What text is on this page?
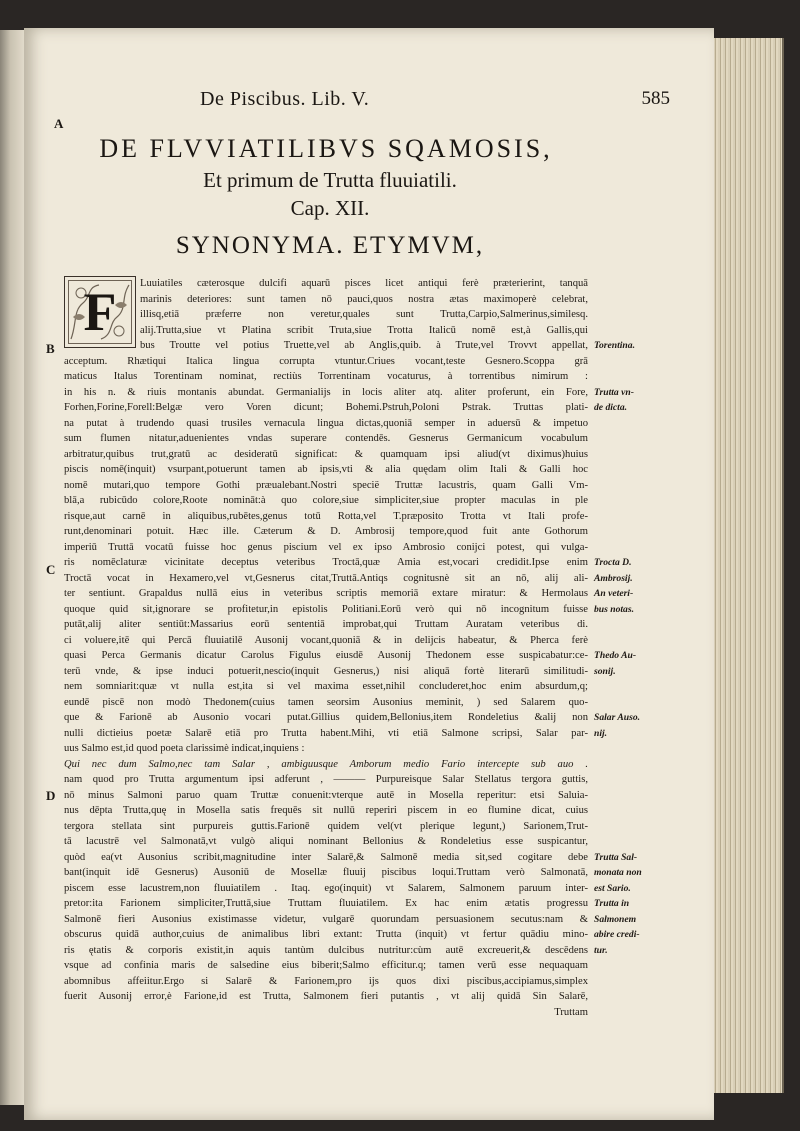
De Piscibus. Lib. V.	585
A
B
C
D
DE FLVVIATILIBVS SQAMOSIS,
Et primum de Trutta fluuiatili.
Cap. XII.
SYNONYMA. ETYMVM,
Luuiatiles cæterosque dulcifi aquarū pisces licet antiqui ferè præterierint, tanquā
marinis deteriores: sunt tamen nō pauci,quos nostra ætas maximoperè celebrat,
illisq,etiā præferre non veretur,quales sunt Trutta,Carpio,Salmerinus,similesq.
alij.Trutta,siue vt Platina scribit Truta,siue Trotta Italicū nomē est,à Gallis,qui
bus Troutte vel potius Truette,vel ab Anglis,quib. à Trute,vel Trovvt appellat,
acceptum. Rhætiqui Italica lingua corrupta vtuntur.Criues vocant,teste Gesnero.Scoppa grā
maticus Italus Torentinam nominat, rectiùs Torrentinam vocaturus, à torrentibus nimirum :
in his n. & riuis montanis abundat. Germanialijs in locis aliter atq. aliter proferunt, ein Fore,
Forhen,Forine,Forell:Belgæ vero Voren dicunt; Bohemi.Pstruh,Poloni Pstrak. Truttas plati-
na putat à trudendo quasi trusiles vernacula lingua dictas,quoniā semper in aduersū & impetuo
sum flumen nitatur,aduenientes vndas superare contendēs. Gesnerus Germanicum vocabulum
arbitratur,quibus trut,gratū ac desideratū significat: & quamquam ipsi aliud(vt diximus)huius
piscis nomē(inquit) vsurpant,potuerunt tamen ab ipsis,vti & alia quędam olim Itali & Galli hoc
nomē mutari,quo tempore Gothi præualebant.Nostri specië Truttæ lacustris, quam Galli Vm-
blā,a rubicūdo colore,Roote nomināt:à quo colore,siue simpliciter,siue propter maculas in ple
risque,aut carnē in aliquibus,rubētes,genus totū Rotta,vel T.præposito Trotta vt Itali profe-
runt,denominari potuit. Hæc ille. Cæterum & D. Ambrosij tempore,quod fuit ante Gothorum
imperiū Truttā vocatū fuisse hoc genus piscium vel ex ipso Ambrosio conijci potest, qui vulga-
ris nomēclaturæ vicinitate deceptus veteribus Troctā,quæ Amia est,vocari credidit.Ipse enim
Troctā vocat in Hexamero,vel vt,Gesnerus citat,Truttā.Antiqs cognitusnè sit an nō, alij ali-
ter sentiunt. Grapaldus nullā eius in veteribus scriptis memoriā extare miratur: & Hermolaus
quoque quid sit,ignorare se profitetur,in epistolis Politiani.Eorū verò qui nō incognitum fuisse
putāt,alij aliter sentiūt:Massarius eorū sententiā improbat,qui Truttam Auratam veteribus di.
ci voluere,itē qui Percā fluuiatilē Ausonij vocant,quoniā & in delijcis habeatur, & Pherca ferè
quasi Perca Germanis dicatur Carolus Figulus eiusdē Ausonij Thedonem esse suspicabatur:ce-
terū vnde, & ipse induci potuerit,nescio(inquit Gesnerus,) nisi aliquā fortè literarū similitudi-
nem somniarit:quæ vt nulla est,ita si vel maxima esset,nihil concluderet,hoc enim absurdum,q;
eundē piscē non modò Thedonem(cuius tamen seorsim Ausonius meminit, ) sed Salarem quo-
que & Farionē ab Ausonio vocari putat.Gillius quidem,Bellonius,item Rondeletius &alij non
nulli dictieius poetæ Salarē etiā pro Trutta habent.Mihi, vti etiā Salmone scripsi, Salar par-
uus Salmo est,id quod poeta clarissimè indicat,inquiens :
Qui nec dum Salmo,nec tam Salar , ambiguusque Amborum medio Fario intercepte sub auo .
nam quod pro Trutta argumentum ipsi adferunt , ——— Purpureisque Salar Stellatus tergora guttis,
nō minus Salmoni paruo quam Truttæ conuenit:vterque autē in Mosella reperitur: etsi Saluia-
nus dēpta Trutta,quę in Mosella satis frequēs sit nullū reperiri piscem in eo flumine dicat, cuius
tergora stellata sint purpureis guttis.Farionē quidem vel(vt plerique legunt,) Sarionem,Trut-
tā lacustrē vel Salmonatā,vt vulgò aliqui nominant Bellonius & Rondeletius esse suspicantur,
quòd ea(vt Ausonius scribit,magnitudine inter Salarē,& Salmonē media sit,sed cogitare debe
bant(inquit idē Gesnerus) Ausoniū de Mosellæ fluuij piscibus loqui.Truttam verò Salmonatā,
piscem esse lacustrem,non fluuiatilem . Itaq. ego(inquit) vt Salarem, Salmonem paruum inter-
pretor:ita Farionem simpliciter,Truttā,siue Truttam fluuiatilem. Ex hac enim ætatis progressu
Salmonē fieri Ausonius existimasse videtur, vulgarē quorundam persuasionem secutus:nam &
obscurus quidā author,cuius de animalibus libri extant: Trutta (inquit) vt fertur quādiu mino-
ris ętatis & corporis existit,in aquis tantùm dulcibus nutritur:cùm autē excreuerit,& descēdens
vsque ad confinia maris de salsedine eius biberit;Salmo efficitur.q; tamen verū esse nequaquam
abomnibus affeiitur.Ergo si Salarē & Farionem,pro ijs quos dixi piscibus,accipiamus,simplex
fuerit Ausonij error,è Farione,id est Trutta, Salmonem fieri putantis , vt alij quidā Sin Salarē,
Truttam
F
Torentina.
Trutta vn-
de dicta.
Trocta D.
Ambrosij.
An veteri-
bus notas.
Thedo Au-
sonij.
Salar Auso.
nij.
Trutta Sal-
monata non
est Sario.
Trutta in
Salmonem
abire credi-
tur.
